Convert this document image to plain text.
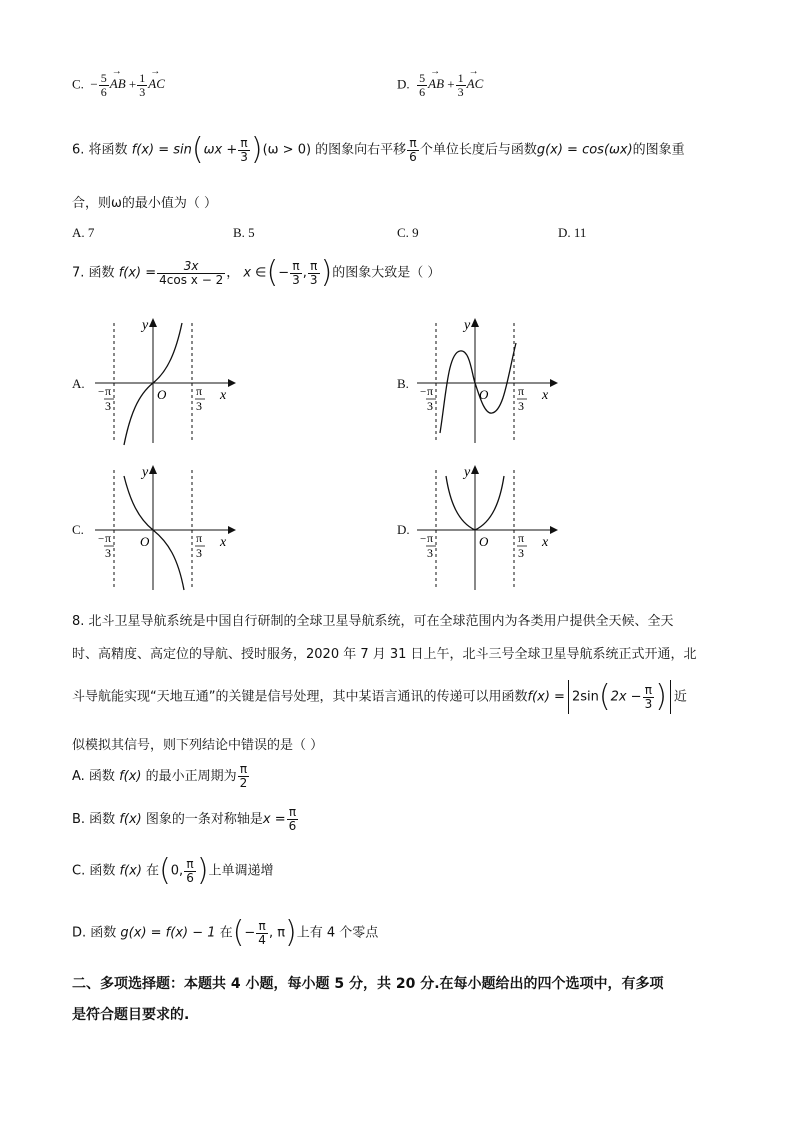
C. − $\frac{5}{6}$ → AB + $\frac{1}{3}$ → AC	D. $\frac{5}{6}$ → AB + $\frac{1}{3}$ → AC
6. 将函数 $f(x) = \sin(\omega x + \frac{\pi}{3} )(\omega > 0)$ 的图象向右平移 $\frac{\pi}{6}$ 个单位长度后与函数g(x) = cos(ωx)的图象重
合，则ω的最小值为（ ）
A. 7	B. 5	C. 9	D. 11
7. 函数 $f(x) = \frac{3x}{\text{4cos x − 2}}$ ， x ∈(− $\frac{\pi}{3}$ , $\frac{\pi}{3}$ )的图象大致是（ ）
A.	B.
C.	D.
y
x
O
− π
3
π
3
y
x
O
− π
3
π
3
y
x
O
− π
3
π
3
y
x
O
− π
3
π
3
8. 北斗卫星导航系统是中国自行研制的全球卫星导航系统，可在全球范围内为各类用户提供全天候、全天
时、高精度、高定位的导航、授时服务，2020 年 7 月 31 日上午，北斗三号全球卫星导航系统正式开通，北
斗导航能实现“天地互通”的关键是信号处理，其中某语言通讯的传递可以用函数$f(x) = 2\sin(2x - \frac{\pi}{3}$ ) 近
似模拟其信号，则下列结论中错误的是（ ）
A. 函数 f(x) 的最小正周期为 $\frac{\pi}{2}$
B. 函数 f(x) 图象的一条对称轴是$x = \frac{\pi}{6}$
C. 函数 f(x) 在(0, $\frac{\pi}{6}$ )上单调递增
D. 函数 g(x) = f(x) − 1 在(− $\frac{\pi}{4}$ , π)上有 4 个零点
二、多项选择题：本题共 4 小题，每小题 5 分，共 20 分.在每小题给出的四个选项中，有多项
是符合题目要求的.
